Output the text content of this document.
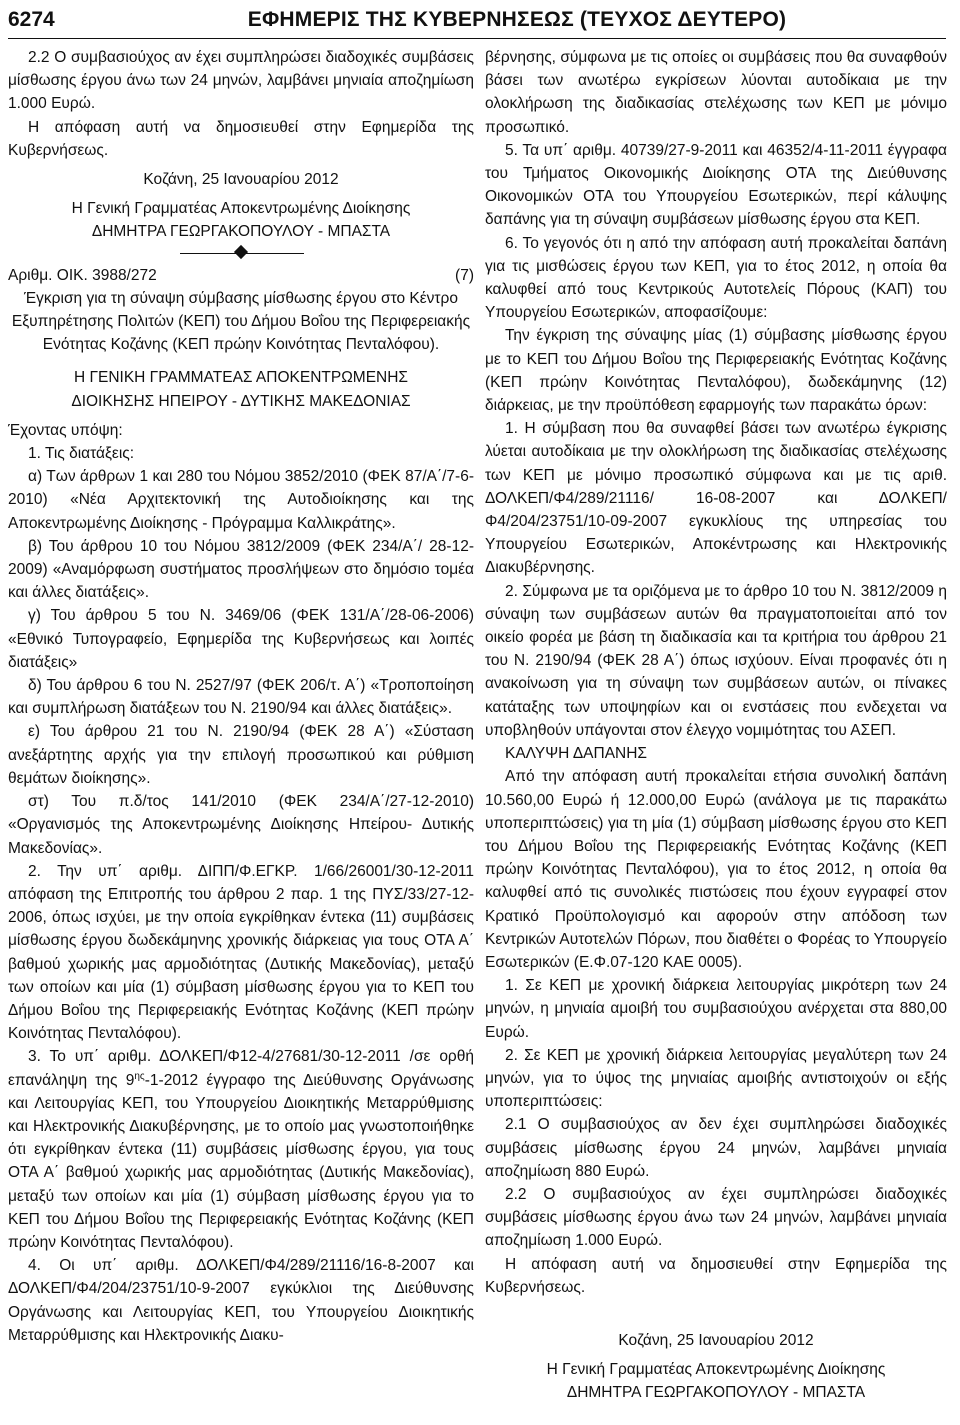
6274	ΕΦΗΜΕΡΙΣ ΤΗΣ ΚΥΒΕΡΝΗΣΕΩΣ (ΤΕΥΧΟΣ ΔΕΥΤΕΡΟ)

2.2 Ο συμβασιούχος αν έχει συμπληρώσει διαδοχικές συμβάσεις μίσθωσης έργου άνω των 24 μηνών, λαμβάνει μηνιαία αποζημίωση 1.000 Ευρώ.

Η απόφαση αυτή να δημοσιευθεί στην Εφημερίδα της Κυβερνήσεως.

Κοζάνη, 25 Ιανουαρίου 2012

Η Γενική Γραμματέας Αποκεντρωμένης Διοίκησης

ΔΗΜΗΤΡΑ ΓΕΩΡΓΑΚΟΠΟΥΛΟΥ - ΜΠΑΣΤΑ

Αριθμ. ΟΙΚ. 3988/272	(7)

Έγκριση για τη σύναψη σύμβασης μίσθωσης έργου στο Κέντρο Εξυπηρέτησης Πολιτών (ΚΕΠ) του Δήμου Βοΐου της Περιφερειακής Ενότητας Κοζάνης (ΚΕΠ πρώην Κοινότητας Πενταλόφου).

Η ΓΕΝΙΚΗ ΓΡΑΜΜΑΤΕΑΣ ΑΠΟΚΕΝΤΡΩΜΕΝΗΣ

ΔΙΟΙΚΗΣΗΣ ΗΠΕΙΡΟΥ - ΔΥΤΙΚΗΣ ΜΑΚΕΔΟΝΙΑΣ

Έχοντας υπόψη:

1. Τις διατάξεις:

α) Των άρθρων 1 και 280 του Νόμου 3852/2010 (ΦΕΚ 87/Α΄/7-6-2010) «Νέα Αρχιτεκτονική της Αυτοδιοίκησης και της Αποκεντρωμένης Διοίκησης - Πρόγραμμα Καλλικράτης».

β) Του άρθρου 10 του Νόμου 3812/2009 (ΦΕΚ 234/Α΄/ 28-12-2009) «Αναμόρφωση συστήματος προσλήψεων στο δημόσιο τομέα και άλλες διατάξεις».

γ) Του άρθρου 5 του Ν. 3469/06 (ΦΕΚ 131/Α΄/28-06-2006) «Εθνικό Τυπογραφείο, Εφημερίδα της Κυβερνήσεως και λοιπές διατάξεις»

δ) Του άρθρου 6 του Ν. 2527/97 (ΦΕΚ 206/τ. Α΄) «Τροποποίηση και συμπλήρωση διατάξεων του Ν. 2190/94 και άλλες διατάξεις».

ε) Του άρθρου 21 του Ν. 2190/94 (ΦΕΚ 28 Α΄) «Σύσταση ανεξάρτητης αρχής για την επιλογή προσωπικού και ρύθμιση θεμάτων διοίκησης».

στ) Του π.δ/τος 141/2010 (ΦΕΚ 234/Α΄/27-12-2010) «Οργανισμός της Αποκεντρωμένης Διοίκησης Ηπείρου- Δυτικής Μακεδονίας».

2. Την υπ΄ αριθμ. ΔΙΠΠ/Φ.ΕΓΚΡ. 1/66/26001/30-12-2011 απόφαση της Επιτροπής του άρθρου 2 παρ. 1 της ΠΥΣ/33/27-12-2006, όπως ισχύει, με την οποία εγκρίθηκαν έντεκα (11) συμβάσεις μίσθωσης έργου δωδεκάμηνης χρονικής διάρκειας για τους ΟΤΑ Α΄ βαθμού χωρικής μας αρμοδιότητας (Δυτικής Μακεδονίας), μεταξύ των οποίων και μία (1) σύμβαση μίσθωσης έργου για το ΚΕΠ του Δήμου Βοΐου της Περιφερειακής Ενότητας Κοζάνης (ΚΕΠ πρώην Κοινότητας Πενταλόφου).

3. Το υπ΄ αριθμ. ΔΟΛΚΕΠ/Φ12-4/27681/30-12-2011 /σε ορθή επανάληψη της $9^{\eta\varsigma}-1-2012$ έγγραφο της Διεύθυνσης Οργάνωσης και Λειτουργίας ΚΕΠ, του Υπουργείου Διοικητικής Μεταρρύθμισης και Ηλεκτρονικής Διακυβέρνησης, με το οποίο μας γνωστοποιήθηκε ότι εγκρίθηκαν έντεκα (11) συμβάσεις μίσθωσης έργου, για τους ΟΤΑ Α΄ βαθμού χωρικής μας αρμοδιότητας (Δυτικής Μακεδονίας), μεταξύ των οποίων και μία (1) σύμβαση μίσθωσης έργου για το ΚΕΠ του Δήμου Βοΐου της Περιφερειακής Ενότητας Κοζάνης (ΚΕΠ πρώην Κοινότητας Πενταλόφου).

4. Οι υπ΄ αριθμ. ΔΟΛΚΕΠ/Φ4/289/21116/16-8-2007 και ΔΟΛΚΕΠ/Φ4/204/23751/10-9-2007 εγκύκλιοι της Διεύθυνσης Οργάνωσης και Λειτουργίας ΚΕΠ, του Υπουργείου Διοικητικής Μεταρρύθμισης και Ηλεκτρονικής Διακυ-

βέρνησης, σύμφωνα με τις οποίες οι συμβάσεις που θα συναφθούν βάσει των ανωτέρω εγκρίσεων λύονται αυτοδίκαια με την ολοκλήρωση της διαδικασίας στελέχωσης των ΚΕΠ με μόνιμο προσωπικό.

5. Τα υπ΄ αριθμ. 40739/27-9-2011 και 46352/4-11-2011 έγγραφα του Τμήματος Οικονομικής Διοίκησης ΟΤΑ της Διεύθυνσης Οικονομικών ΟΤΑ του Υπουργείου Εσωτερικών, περί κάλυψης δαπάνης για τη σύναψη συμβάσεων μίσθωσης έργου στα ΚΕΠ.

6. Το γεγονός ότι η από την απόφαση αυτή προκαλείται δαπάνη για τις μισθώσεις έργου των ΚΕΠ, για το έτος 2012, η οποία θα καλυφθεί από τους Κεντρικούς Αυτοτελείς Πόρους (ΚΑΠ) του Υπουργείου Εσωτερικών, αποφασίζουμε:

Την έγκριση της σύναψης μίας (1) σύμβασης μίσθωσης έργου με το ΚΕΠ του Δήμου Βοΐου της Περιφερειακής Ενότητας Κοζάνης (ΚΕΠ πρώην Κοινότητας Πενταλόφου), δωδεκάμηνης (12) διάρκειας, με την προϋπόθεση εφαρμογής των παρακάτω όρων:

1. Η σύμβαση που θα συναφθεί βάσει των ανωτέρω έγκρισης λύεται αυτοδίκαια με την ολοκλήρωση της διαδικασίας στελέχωσης των ΚΕΠ με μόνιμο προσωπικό σύμφωνα και με τις αριθ. ΔΟΛΚΕΠ/Φ4/289/21116/ 16-08-2007 και ΔΟΛΚΕΠ/Φ4/204/23751/10-09-2007 εγκυκλίους της υπηρεσίας του Υπουργείου Εσωτερικών, Αποκέντρωσης και Ηλεκτρονικής Διακυβέρνησης.

2. Σύμφωνα με τα οριζόμενα με το άρθρο 10 του Ν. 3812/2009 η σύναψη των συμβάσεων αυτών θα πραγματοποιείται από τον οικείο φορέα με βάση τη διαδικασία και τα κριτήρια του άρθρου 21 του Ν. 2190/94 (ΦΕΚ 28 Α΄) όπως ισχύουν. Είναι προφανές ότι η ανακοίνωση για τη σύναψη των συμβάσεων αυτών, οι πίνακες κατάταξης των υποψηφίων και οι ενστάσεις που ενδεχεται να υποβληθούν υπάγονται στον έλεγχο νομιμότητας του ΑΣΕΠ.

ΚΑΛΥΨΗ ΔΑΠΑΝΗΣ

Από την απόφαση αυτή προκαλείται ετήσια συνολική δαπάνη 10.560,00 Ευρώ ή 12.000,00 Ευρώ (ανάλογα με τις παρακάτω υποπεριπτώσεις) για τη μία (1) σύμβαση μίσθωσης έργου στο ΚΕΠ του Δήμου Βοΐου της Περιφερειακής Ενότητας Κοζάνης (ΚΕΠ πρώην Κοινότητας Πενταλόφου), για το έτος 2012, η οποία θα καλυφθεί από τις συνολικές πιστώσεις που έχουν εγγραφεί στον Κρατικό Προϋπολογισμό και αφορούν στην απόδοση των Κεντρικών Αυτοτελών Πόρων, που διαθέτει ο Φορέας το Υπουργείο Εσωτερικών (Ε.Φ.07-120 ΚΑΕ 0005).

1. Σε ΚΕΠ με χρονική διάρκεια λειτουργίας μικρότερη των 24 μηνών, η μηνιαία αμοιβή του συμβασιούχου ανέρχεται στα 880,00 Ευρώ.

2. Σε ΚΕΠ με χρονική διάρκεια λειτουργίας μεγαλύτερη των 24 μηνών, για το ύψος της μηνιαίας αμοιβής αντιστοιχούν οι εξής υποπεριπτώσεις:

2.1 Ο συμβασιούχος αν δεν έχει συμπληρώσει διαδοχικές συμβάσεις μίσθωσης έργου 24 μηνών, λαμβάνει μηνιαία αποζημίωση 880 Ευρώ.

2.2 Ο συμβασιούχος αν έχει συμπληρώσει διαδοχικές συμβάσεις μίσθωσης έργου άνω των 24 μηνών, λαμβάνει μηνιαία αποζημίωση 1.000 Ευρώ.

Η απόφαση αυτή να δημοσιευθεί στην Εφημερίδα της Κυβερνήσεως.

Κοζάνη, 25 Ιανουαρίου 2012

Η Γενική Γραμματέας Αποκεντρωμένης Διοίκησης

ΔΗΜΗΤΡΑ ΓΕΩΡΓΑΚΟΠΟΥΛΟΥ - ΜΠΑΣΤΑ
